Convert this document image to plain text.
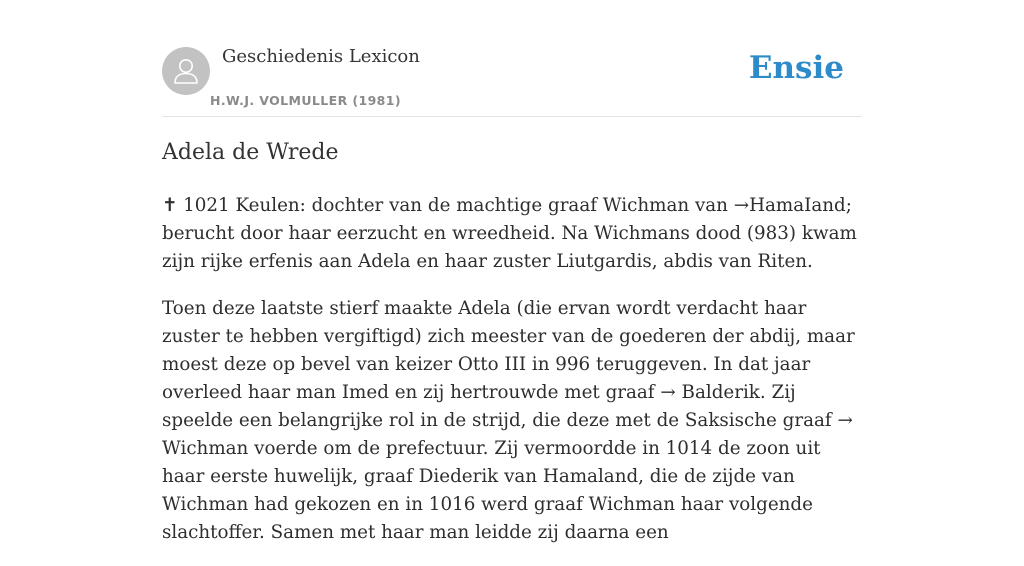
Geschiedenis Lexicon
H.W.J. VOLMULLER (1981)
Ensie
Adela de Wrede

✝ 1021 Keulen: dochter van de machtige graaf Wichman van →HamaIand; berucht door haar eerzucht en wreedheid. Na Wichmans dood (983) kwam zijn rijke erfenis aan Adela en haar zuster Liutgardis, abdis van Riten.

Toen deze laatste stierf maakte Adela (die ervan wordt verdacht haar zuster te hebben vergiftigd) zich meester van de goederen der abdij, maar moest deze op bevel van keizer Otto III in 996 teruggeven. In dat jaar overleed haar man Imed en zij hertrouwde met graaf → Balderik. Zij speelde een belangrijke rol in de strijd, die deze met de Saksische graaf → Wichman voerde om de prefectuur. Zij vermoordde in 1014 de zoon uit haar eerste huwelijk, graaf Diederik van Hamaland, die de zijde van Wichman had gekozen en in 1016 werd graaf Wichman haar volgende slachtoffer. Samen met haar man leidde zij daarna een
